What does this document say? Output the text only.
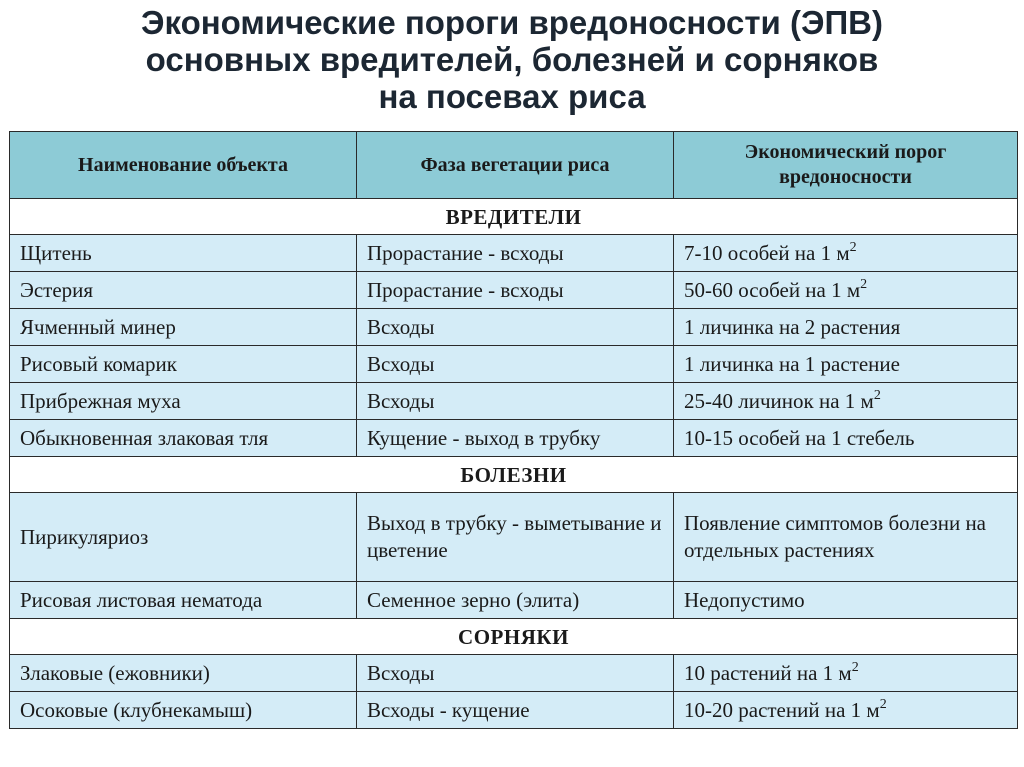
Экономические пороги вредоносности (ЭПВ)
основных вредителей, болезней и сорняков
на посевах риса
Наименование объекта	Фаза вегетации риса	Экономический порог вредоносности
ВРЕДИТЕЛИ		
Щитень	Прорастание - всходы	7-10 особей на 1 $м^2$
Эстерия	Прорастание - всходы	50-60 особей на 1 $м^2$
Ячменный минер	Всходы	1 личинка на 2 растения
Рисовый комарик	Всходы	1 личинка на 1 растение
Прибрежная муха	Всходы	25-40 личинок на 1 $м^2$
Обыкновенная злаковая тля	Кущение - выход в трубку	10-15 особей на 1 стебель
БОЛЕЗНИ		
Пирикуляриоз	Выход в трубку - выметывание и цветение	Появление симптомов болезни на отдельных растениях
Рисовая листовая нематода	Семенное зерно (элита)	Недопустимо
СОРНЯКИ		
Злаковые (ежовники)	Всходы	10 растений на 1 $м^2$
Осоковые (клубнекамыш)	Всходы - кущение	10-20 растений на 1 $м^2$
